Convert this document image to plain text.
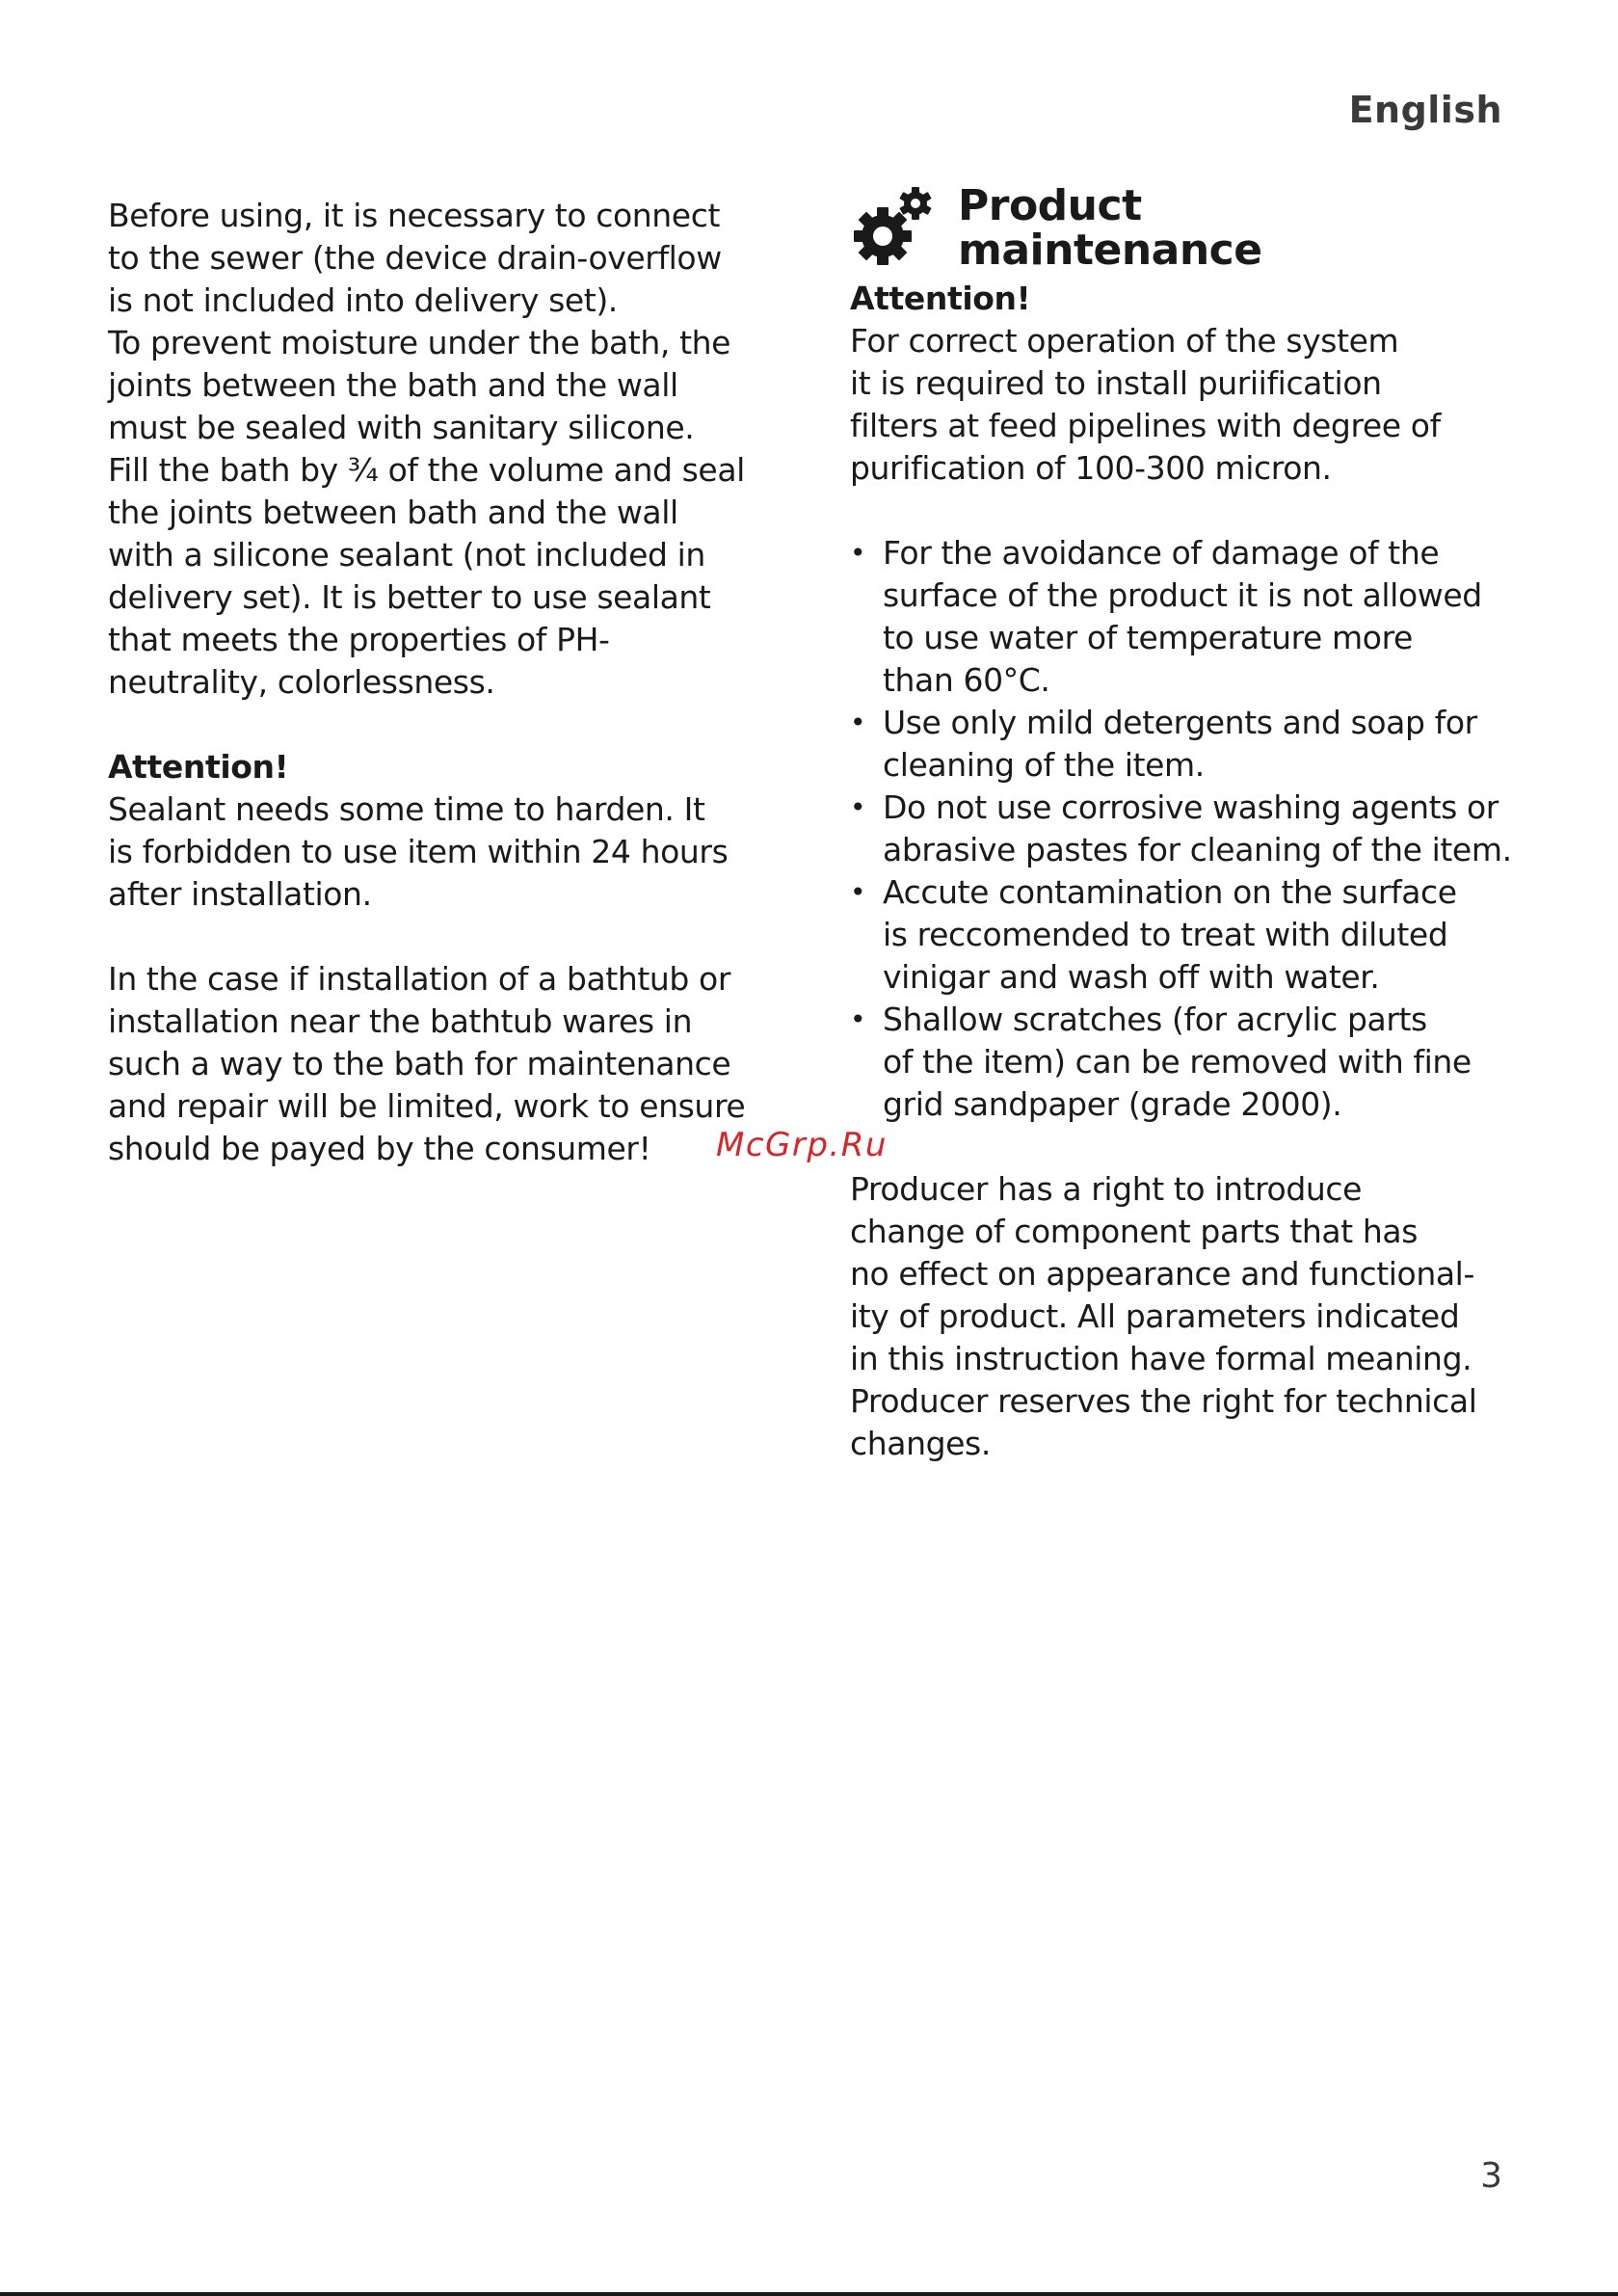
English
Before using, it is necessary to connect
to the sewer (the device drain-overflow
is not included into delivery set).
To prevent moisture under the bath, the
joints between the bath and the wall
must be sealed with sanitary silicone.
Fill the bath by ¾ of the volume and seal
the joints between bath and the wall
with a silicone sealant (not included in
delivery set). It is better to use sealant
that meets the properties of PH-
neutrality, colorlessness.
Attention!
Sealant needs some time to harden. It
is forbidden to use item within 24 hours
after installation.
In the case if installation of a bathtub or
installation near the bathtub wares in
such a way to the bath for maintenance
and repair will be limited, work to ensure
should be payed by the consumer!
Product
maintenance
Attention!
For correct operation of the system
it is required to install puriification
filters at feed pipelines with degree of
purification of 100-300 micron.
• For the avoidance of damage of the
surface of the product it is not allowed
to use water of temperature more
than 60°C.
• Use only mild detergents and soap for
cleaning of the item.
• Do not use corrosive washing agents or
abrasive pastes for cleaning of the item.
• Accute contamination on the surface
is reccomended to treat with diluted
vinigar and wash off with water.
• Shallow scratches (for acrylic parts
of the item) can be removed with fine
grid sandpaper (grade 2000).
Producer has a right to introduce
change of component parts that has
no effect on appearance and functional-
ity of product. All parameters indicated
in this instruction have formal meaning.
Producer reserves the right for technical
changes.
McGrp.Ru
3
